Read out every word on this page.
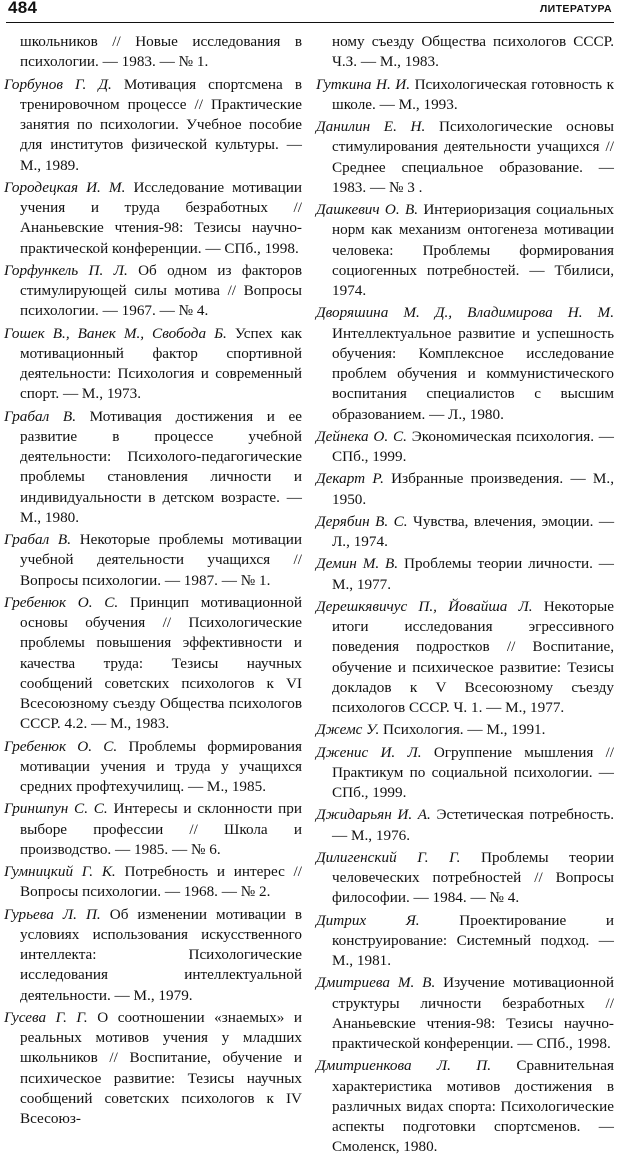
484	ЛИТЕРАТУРА

школьников // Новые исследования в психологии. — 1983. — № 1.

Горбунов Г. Д. Мотивация спортсмена в тренировочном процессе // Практические занятия по психологии. Учебное пособие для институтов физической культуры. — М., 1989.

Городецкая И. М. Исследование мотивации учения и труда безработных // Ананьевские чтения-98: Тезисы научно-практической конференции. — СПб., 1998.

Горфункель П. Л. Об одном из факторов стимулирующей силы мотива // Вопросы психологии. — 1967. — № 4.

Гошек В., Ванек М., Свобода Б. Успех как мотивационный фактор спортивной деятельности: Психология и современный спорт. — М., 1973.

Грабал В. Мотивация достижения и ее развитие в процессе учебной деятельности: Психолого-педагогические проблемы становления личности и индивидуальности в детском возрасте. — М., 1980.

Грабал В. Некоторые проблемы мотивации учебной деятельности учащихся // Вопросы психологии. — 1987. — № 1.

Гребенюк О. С. Принцип мотивационной основы обучения // Психологические проблемы повышения эффективности и качества труда: Тезисы научных сообщений советских психологов к VI Всесоюзному съезду Общества психологов СССР. 4.2. — М., 1983.

Гребенюк О. С. Проблемы формирования мотивации учения и труда у учащихся средних профтехучилищ. — М., 1985.

Гриншпун С. С. Интересы и склонности при выборе профессии // Школа и производство. — 1985. — № 6.

Гумницкий Г. К. Потребность и интерес // Вопросы психологии. — 1968. — № 2.

Гурьева Л. П. Об изменении мотивации в условиях использования искусственного интеллекта: Психологические исследования интеллектуальной деятельности. — М., 1979.

Гусева Г. Г. О соотношении «знаемых» и реальных мотивов учения у младших школьников // Воспитание, обучение и психическое развитие: Тезисы научных сообщений советских психологов к IV Всесоюз-

ному съезду Общества психологов СССР. Ч.З. — М., 1983.

Гуткина Н. И. Психологическая готовность к школе. — М., 1993.

Данилин Е. Н. Психологические основы стимулирования деятельности учащихся // Среднее специальное образование. — 1983. — № 3 .

Дашкевич О. В. Интериоризация социальных норм как механизм онтогенеза мотивации человека: Проблемы формирования социогенных потребностей. — Тбилиси, 1974.

Дворяшина М. Д., Владимирова Н. М. Интеллектуальное развитие и успешность обучения: Комплексное исследование проблем обучения и коммунистического воспитания специалистов с высшим образованием. — Л., 1980.

Дейнека О. С. Экономическая психология. — СПб., 1999.

Декарт Р. Избранные произведения. — М., 1950.

Дерябин В. С. Чувства, влечения, эмоции. — Л., 1974.

Демин М. В. Проблемы теории личности. — М., 1977.

Дерешкявичус П., Йовайша Л. Некоторые итоги исследования эгрессивного поведения подростков // Воспитание, обучение и психическое развитие: Тезисы докладов к V Всесоюзному съезду психологов СССР. Ч. 1. — М., 1977.

Джемс У. Психология. — М., 1991.

Дженис И. Л. Огруппение мышления // Практикум по социальной психологии. —СПб., 1999.

Джидарьян И. А. Эстетическая потребность. — М., 1976.

Дилигенский Г. Г. Проблемы теории человеческих потребностей // Вопросы философии. — 1984. — № 4.

Дитрих Я.	Проектирование и конструирование: Системный подход. — М., 1981.

Дмитриева М. В. Изучение мотивационной структуры личности безработных // Ананьевские чтения-98: Тезисы научно-практической конференции. — СПб., 1998.

Дмитриенкова Л. П. Сравнительная характеристика мотивов достижения в различных видах спорта: Психологические аспекты подготовки спортсменов. — Смоленск, 1980.
